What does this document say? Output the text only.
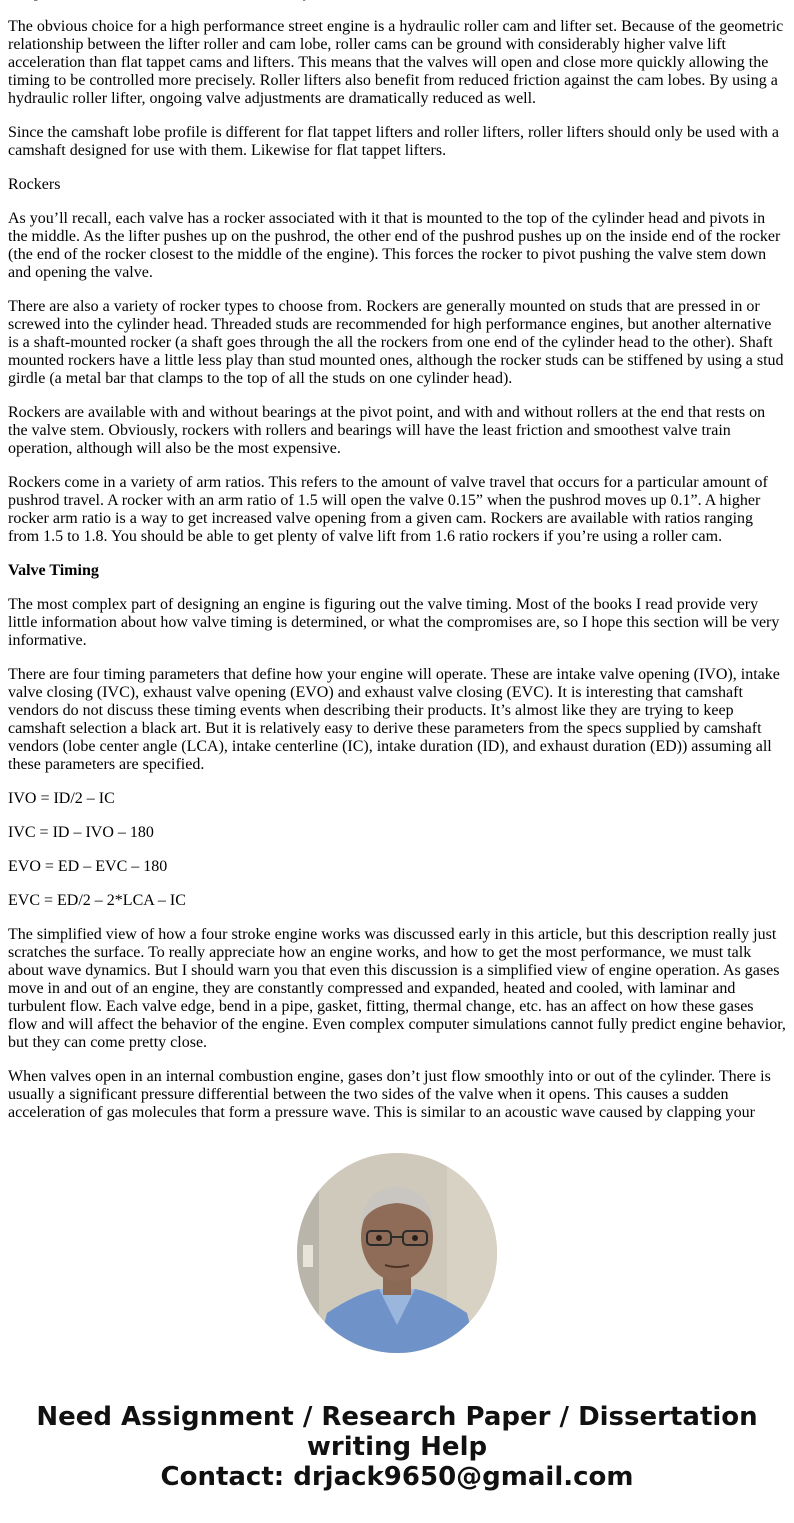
The obvious choice for a high performance street engine is a hydraulic roller cam and lifter set. Because of the geometric relationship between the lifter roller and cam lobe, roller cams can be ground with considerably higher valve lift acceleration than flat tappet cams and lifters. This means that the valves will open and close more quickly allowing the timing to be controlled more precisely. Roller lifters also benefit from reduced friction against the cam lobes. By using a hydraulic roller lifter, ongoing valve adjustments are dramatically reduced as well.

Since the camshaft lobe profile is different for flat tappet lifters and roller lifters, roller lifters should only be used with a camshaft designed for use with them. Likewise for flat tappet lifters.

Rockers

As you’ll recall, each valve has a rocker associated with it that is mounted to the top of the cylinder head and pivots in the middle. As the lifter pushes up on the pushrod, the other end of the pushrod pushes up on the inside end of the rocker (the end of the rocker closest to the middle of the engine). This forces the rocker to pivot pushing the valve stem down and opening the valve.

There are also a variety of rocker types to choose from. Rockers are generally mounted on studs that are pressed in or screwed into the cylinder head. Threaded studs are recommended for high performance engines, but another alternative is a shaft-mounted rocker (a shaft goes through the all the rockers from one end of the cylinder head to the other). Shaft mounted rockers have a little less play than stud mounted ones, although the rocker studs can be stiffened by using a stud girdle (a metal bar that clamps to the top of all the studs on one cylinder head).

Rockers are available with and without bearings at the pivot point, and with and without rollers at the end that rests on the valve stem. Obviously, rockers with rollers and bearings will have the least friction and smoothest valve train operation, although will also be the most expensive.

Rockers come in a variety of arm ratios. This refers to the amount of valve travel that occurs for a particular amount of pushrod travel. A rocker with an arm ratio of 1.5 will open the valve 0.15” when the pushrod moves up 0.1”. A higher rocker arm ratio is a way to get increased valve opening from a given cam. Rockers are available with ratios ranging from 1.5 to 1.8. You should be able to get plenty of valve lift from 1.6 ratio rockers if you’re using a roller cam.

Valve Timing

The most complex part of designing an engine is figuring out the valve timing. Most of the books I read provide very little information about how valve timing is determined, or what the compromises are, so I hope this section will be very informative.

There are four timing parameters that define how your engine will operate. These are intake valve opening (IVO), intake valve closing (IVC), exhaust valve opening (EVO) and exhaust valve closing (EVC). It is interesting that camshaft vendors do not discuss these timing events when describing their products. It’s almost like they are trying to keep camshaft selection a black art. But it is relatively easy to derive these parameters from the specs supplied by camshaft vendors (lobe center angle (LCA), intake centerline (IC), intake duration (ID), and exhaust duration (ED)) assuming all these parameters are specified.

IVO = ID/2 – IC

IVC = ID – IVO – 180

EVO = ED – EVC – 180

EVC = ED/2 – 2*LCA – IC

The simplified view of how a four stroke engine works was discussed early in this article, but this description really just scratches the surface. To really appreciate how an engine works, and how to get the most performance, we must talk about wave dynamics. But I should warn you that even this discussion is a simplified view of engine operation. As gases move in and out of an engine, they are constantly compressed and expanded, heated and cooled, with laminar and turbulent flow. Each valve edge, bend in a pipe, gasket, fitting, thermal change, etc. has an affect on how these gases flow and will affect the behavior of the engine. Even complex computer simulations cannot fully predict engine behavior, but they can come pretty close.

When valves open in an internal combustion engine, gases don’t just flow smoothly into or out of the cylinder. There is usually a significant pressure differential between the two sides of the valve when it opens. This causes a sudden acceleration of gas molecules that form a pressure wave. This is similar to an acoustic wave caused by clapping your

Need Assignment / Research Paper / Dissertation
writing Help
Contact: drjack9650@gmail.com
